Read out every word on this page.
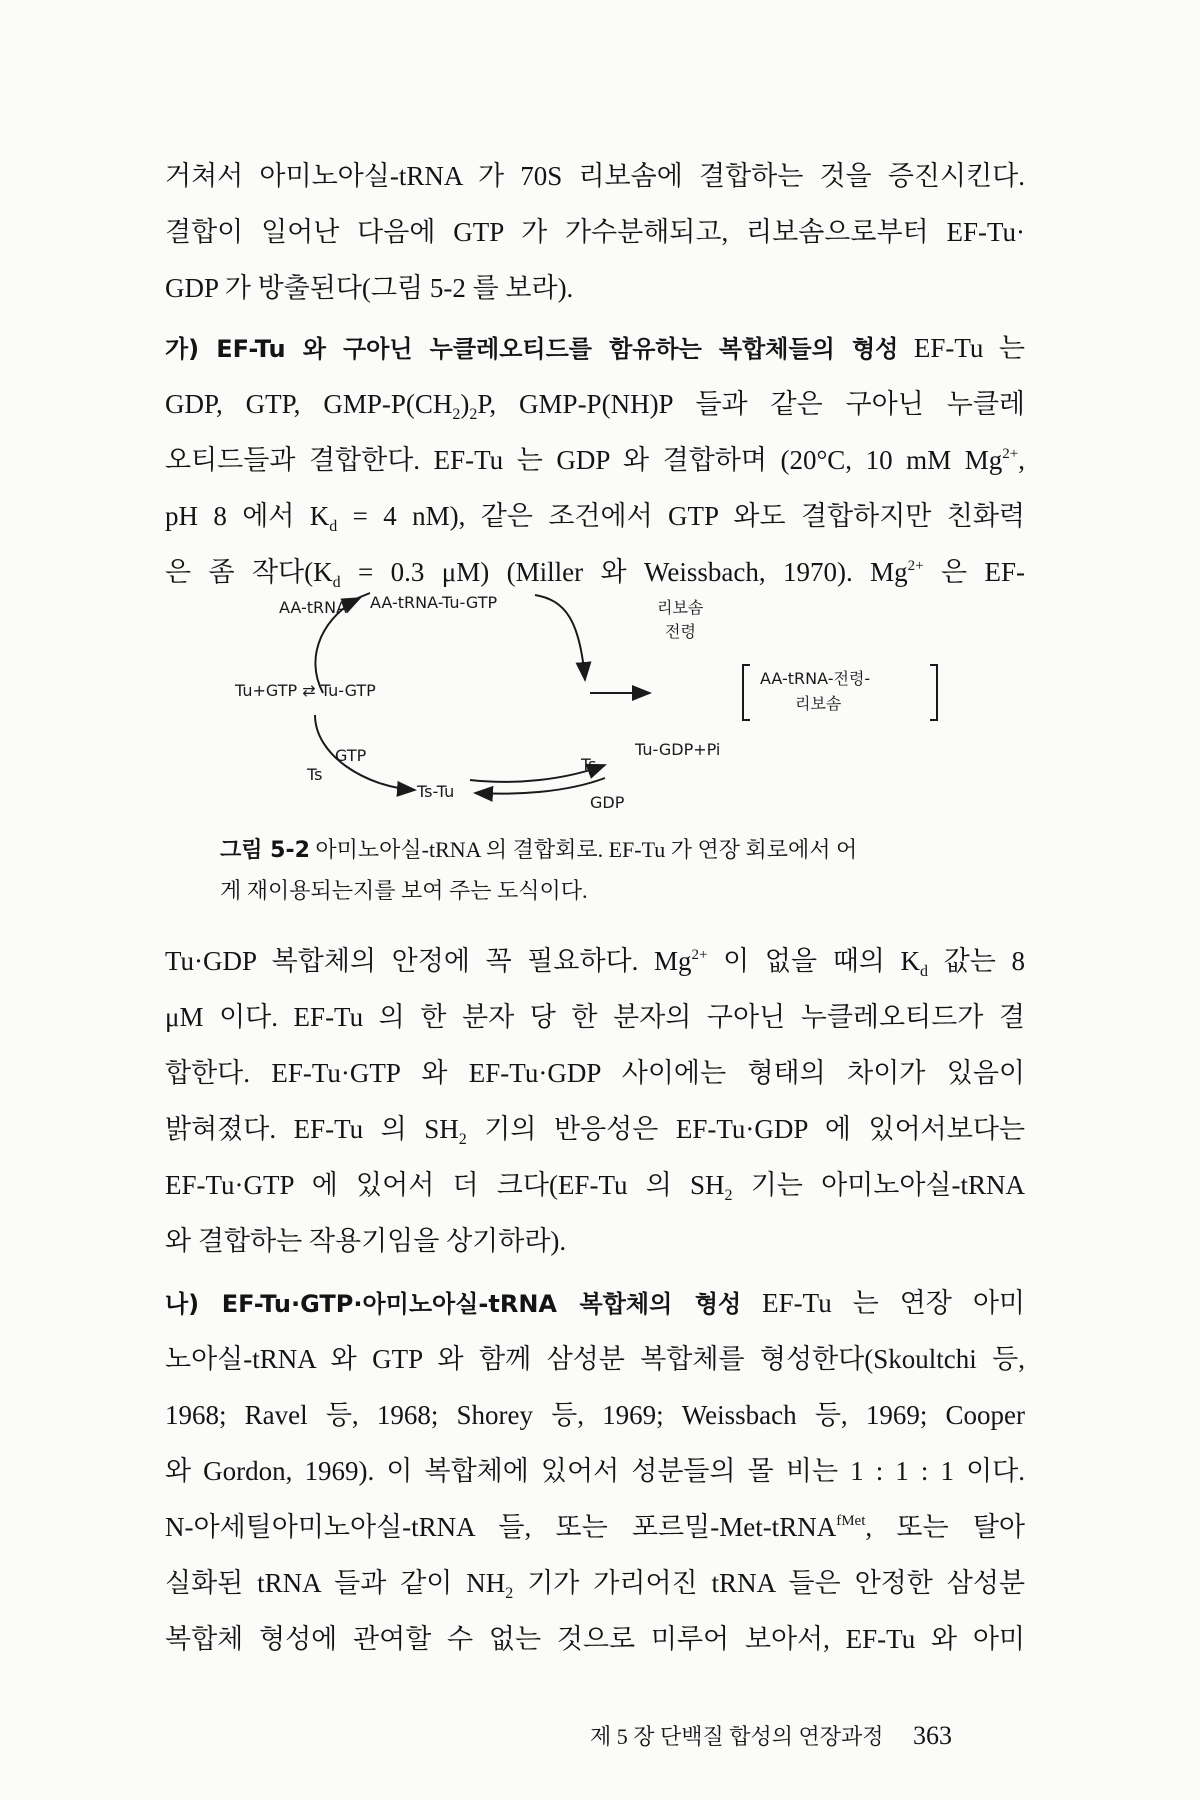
거쳐서 아미노아실-tRNA 가 70S 리보솜에 결합하는 것을 증진시킨다.
결합이 일어난 다음에 GTP 가 가수분해되고, 리보솜으로부터 EF-Tu·
GDP 가 방출된다(그림 5-2 를 보라).
가) EF-Tu 와 구아닌 누클레오티드를 함유하는 복합체들의 형성 EF-Tu 는
GDP, GTP, GMP-$P(CH_2)_2P$, GMP-P(NH)P 들과 같은 구아닌 누클레
오티드들과 결합한다. EF-Tu 는 GDP 와 결합하며 (20°C, 10 mM $Mg^{2+}$,
pH 8 에서 $K_d = 4$ nM), 같은 조건에서 GTP 와도 결합하지만 친화력
은 좀 작다($K_d = 0.3$ μM) (Miller 와 Weissbach, 1970). $Mg^{2+}$ 은 EF-
AA-tRNA AA-tRNA-Tu-GTP	리보솜
전령
Tu+GTP ⇄ Tu-GTP
AA-tRNA-전령-
리보솜
GTP
Ts
Ts-Tu
Ts
Tu-GDP+Pi
GDP
그림 5-2 아미노아실-tRNA 의 결합회로. EF-Tu 가 연장 회로에서 어
게 재이용되는지를 보여 주는 도식이다.
Tu·GDP 복합체의 안정에 꼭 필요하다. $Mg^{2+}$ 이 없을 때의 $K_d$ 값는 8
μM 이다. EF-Tu 의 한 분자 당 한 분자의 구아닌 누클레오티드가 결
합한다. EF-Tu·GTP 와 EF-Tu·GDP 사이에는 형태의 차이가 있음이
밝혀졌다. EF-Tu 의 $SH_2$ 기의 반응성은 EF-Tu·GDP 에 있어서보다는
EF-Tu·GTP 에 있어서 더 크다(EF-Tu 의 $SH_2$ 기는 아미노아실-tRNA
와 결합하는 작용기임을 상기하라).
나) EF-Tu·GTP·아미노아실-tRNA 복합체의 형성 EF-Tu 는 연장 아미
노아실-tRNA 와 GTP 와 함께 삼성분 복합체를 형성한다(Skoultchi 등,
1968; Ravel 등, 1968; Shorey 등, 1969; Weissbach 등, 1969; Cooper
와 Gordon, 1969). 이 복합체에 있어서 성분들의 몰 비는 1 : 1 : 1 이다.
N-아세틸아미노아실-tRNA 들, 또는 포르밀-Met-tRNA$^{fMet}$, 또는 탈아
실화된 tRNA 들과 같이 $NH_2$ 기가 가리어진 tRNA 들은 안정한 삼성분
복합체 형성에 관여할 수 없는 것으로 미루어 보아서, EF-Tu 와 아미
제 5 장 단백질 합성의 연장과정 363
